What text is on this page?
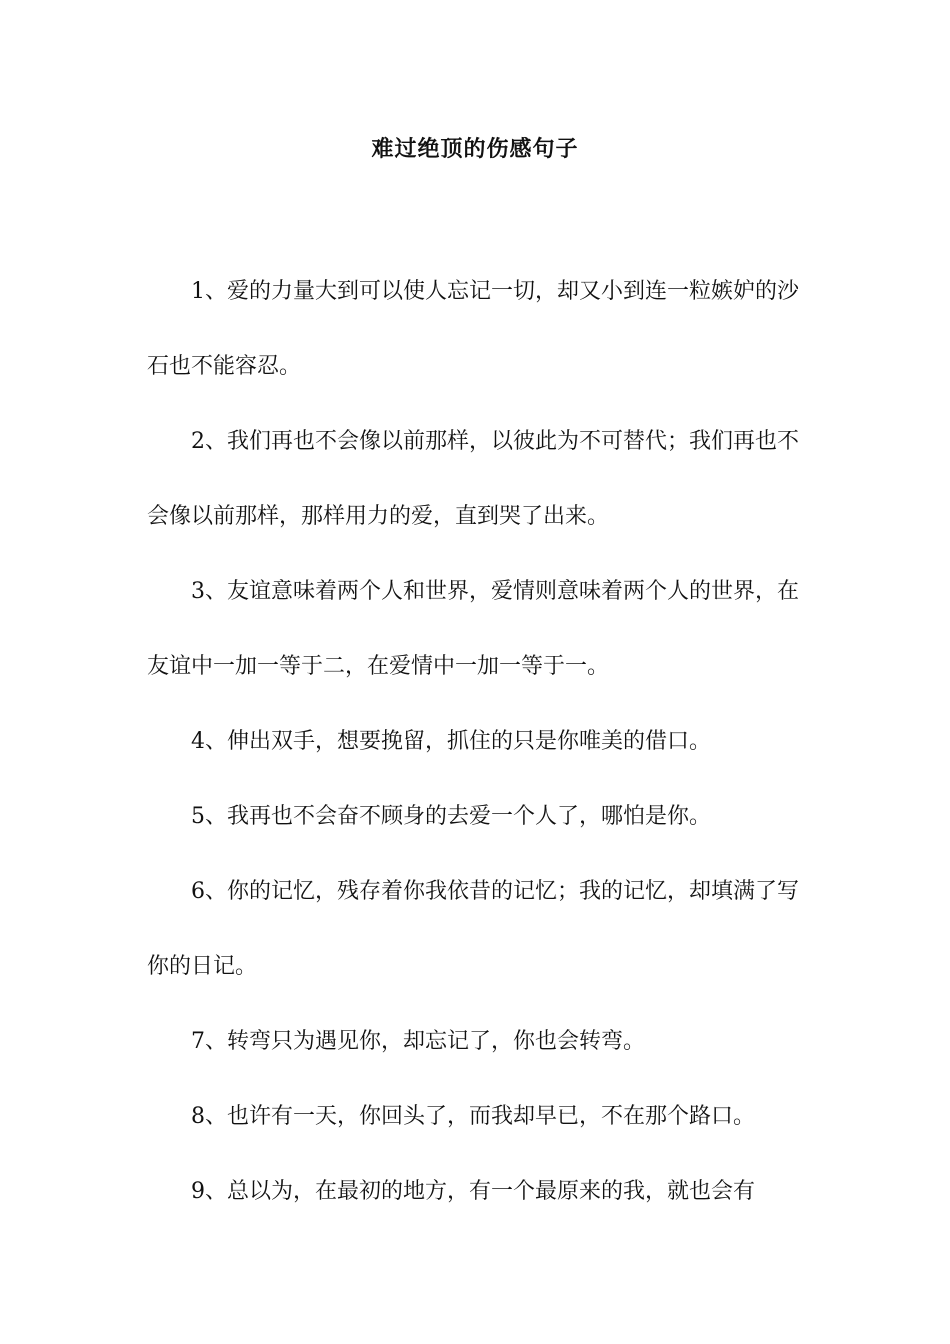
难过绝顶的伤感句子

1、爱的力量大到可以使人忘记一切，却又小到连一粒嫉妒的沙石也不能容忍。

2、我们再也不会像以前那样，以彼此为不可替代；我们再也不会像以前那样，那样用力的爱，直到哭了出来。

3、友谊意味着两个人和世界，爱情则意味着两个人的世界，在友谊中一加一等于二，在爱情中一加一等于一。

4、伸出双手，想要挽留，抓住的只是你唯美的借口。

5、我再也不会奋不顾身的去爱一个人了，哪怕是你。

6、你的记忆，残存着你我依昔的记忆；我的记忆，却填满了写你的日记。

7、转弯只为遇见你，却忘记了，你也会转弯。

8、也许有一天，你回头了，而我却早已，不在那个路口。

9、总以为，在最初的地方，有一个最原来的我，就也会有
